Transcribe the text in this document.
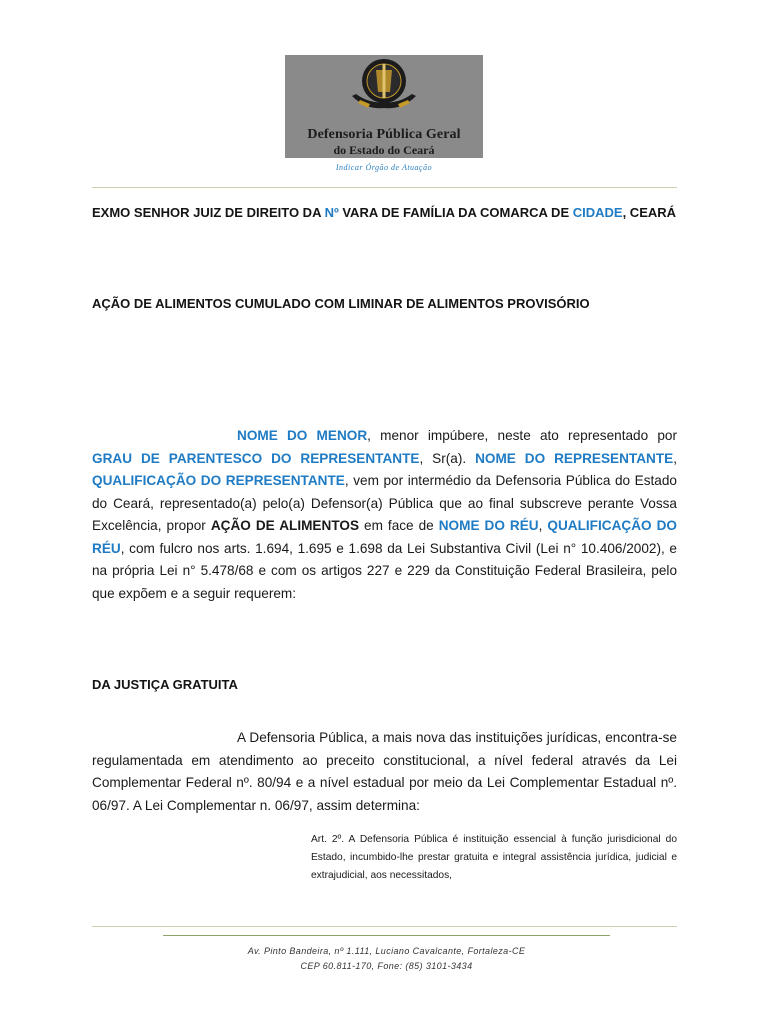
Defensoria Pública Geral
do Estado do Ceará
Indicar Órgão de Atuação
EXMO SENHOR JUIZ DE DIREITO DA Nº VARA DE FAMÍLIA DA COMARCA DE CIDADE, CEARÁ
AÇÃO DE ALIMENTOS CUMULADO COM LIMINAR DE ALIMENTOS PROVISÓRIO

NOME DO MENOR, menor impúbere, neste ato representado por GRAU DE PARENTESCO DO REPRESENTANTE, Sr(a). NOME DO REPRESENTANTE, QUALIFICAÇÃO DO REPRESENTANTE, vem por intermédio da Defensoria Pública do Estado do Ceará, representado(a) pelo(a) Defensor(a) Pública que ao final subscreve perante Vossa Excelência, propor AÇÃO DE ALIMENTOS em face de NOME DO RÉU, QUALIFICAÇÃO DO RÉU, com fulcro nos arts. 1.694, 1.695 e 1.698 da Lei Substantiva Civil (Lei n° 10.406/2002), e na própria Lei n° 5.478/68 e com os artigos 227 e 229 da Constituição Federal Brasileira, pelo que expõem e a seguir requerem:

DA JUSTIÇA GRATUITA

A Defensoria Pública, a mais nova das instituições jurídicas, encontra-se regulamentada em atendimento ao preceito constitucional, a nível federal através da Lei Complementar Federal nº. 80/94 e a nível estadual por meio da Lei Complementar Estadual nº. 06/97. A Lei Complementar n. 06/97, assim determina:

Art. 2º. A Defensoria Pública é instituição essencial à função jurisdicional do Estado, incumbido-lhe prestar gratuita e integral assistência jurídica, judicial e extrajudicial, aos necessitados,

Av. Pinto Bandeira, nº 1.111, Luciano Cavalcante, Fortaleza-CE
CEP 60.811-170, Fone: (85) 3101-3434
